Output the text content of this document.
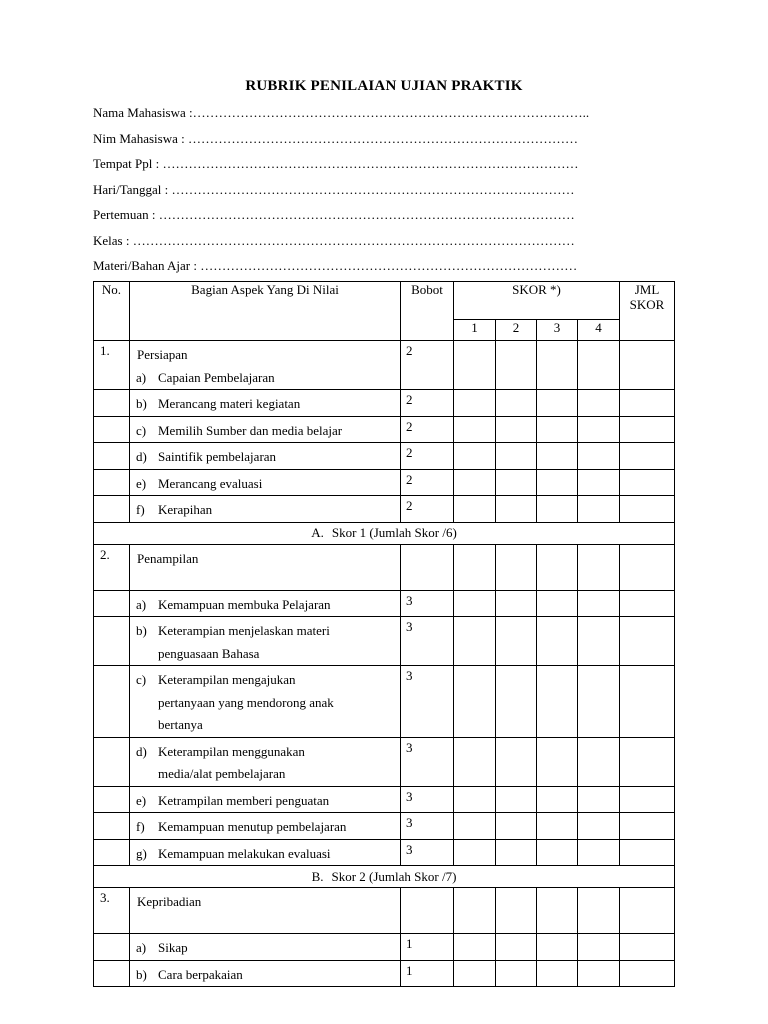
RUBRIK PENILAIAN UJIAN PRAKTIK
Nama Mahasiswa :………………………………………………………………………………..
Nim Mahasiswa : ………………………………………………………………………………
Tempat Ppl : ……………………………………………………………………………………
Hari/Tanggal : …………………………………………………………………………………
Pertemuan : ……………………………………………………………………………………
Kelas : …………………………………………………………………………………………
Materi/Bahan Ajar : ……………………………………………………………………………
No.	Bagian Aspek Yang Di Nilai	Bobot	SKOR *)				JML
SKOR
			1	2	3	4	
1.	Persiapan
a) Capaian Pembelajaran	2					

	b) Merancang materi kegiatan	2					

	c) Memilih Sumber dan media belajar	2					

	d) Saintifik pembelajaran	2					

	e) Merancang evaluasi	2					

	f) Kerapihan	2					
A. Skor 1 (Jumlah Skor /6)							
2.	Penampilan						

	a) Kemampuan membuka Pelajaran	3					

	b) Keterampian menjelaskan materi
penguasaan Bahasa	3					

	c) Keterampilan mengajukan
pertanyaan yang mendorong anak
bertanya	3					

	d) Keterampilan menggunakan
media/alat pembelajaran	3					

	e) Ketrampilan memberi penguatan	3					

	f) Kemampuan menutup pembelajaran	3					

	g) Kemampuan melakukan evaluasi	3					
B. Skor 2 (Jumlah Skor /7)							
3.	Kepribadian						

	a) Sikap	1					

	b) Cara berpakaian	1					
